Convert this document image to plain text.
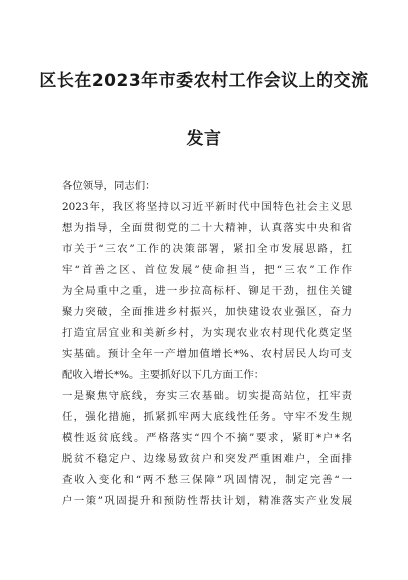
区长在2023年市委农村工作会议上的交流
发言
各位领导，同志们：
2023年，我区将坚持以习近平新时代中国特色社会主义思
想为指导，全面贯彻党的二十大精神，认真落实中央和省
市关于“三农”工作的决策部署，紧扣全市发展思路，扛
牢“首善之区、首位发展”使命担当，把“三农”工作作
为全局重中之重，进一步拉高标杆、铆足干劲，扭住关键
聚力突破，全面推进乡村振兴，加快建设农业强区，奋力
打造宜居宜业和美新乡村，为实现农业农村现代化奠定坚
实基础。预计全年一产增加值增长*%、农村居民人均可支
配收入增长*%。主要抓好以下几方面工作：
一是聚焦守底线，夯实三农基础。切实提高站位，扛牢责
任，强化措施，抓紧抓牢两大底线性任务。守牢不发生规
模性返贫底线。严格落实“四个不摘”要求，紧盯*户*名
脱贫不稳定户、边缘易致贫户和突发严重困难户，全面排
查收入变化和“两不愁三保障”巩固情况，制定完善“一
户一策”巩固提升和预防性帮扶计划，精准落实产业发展
